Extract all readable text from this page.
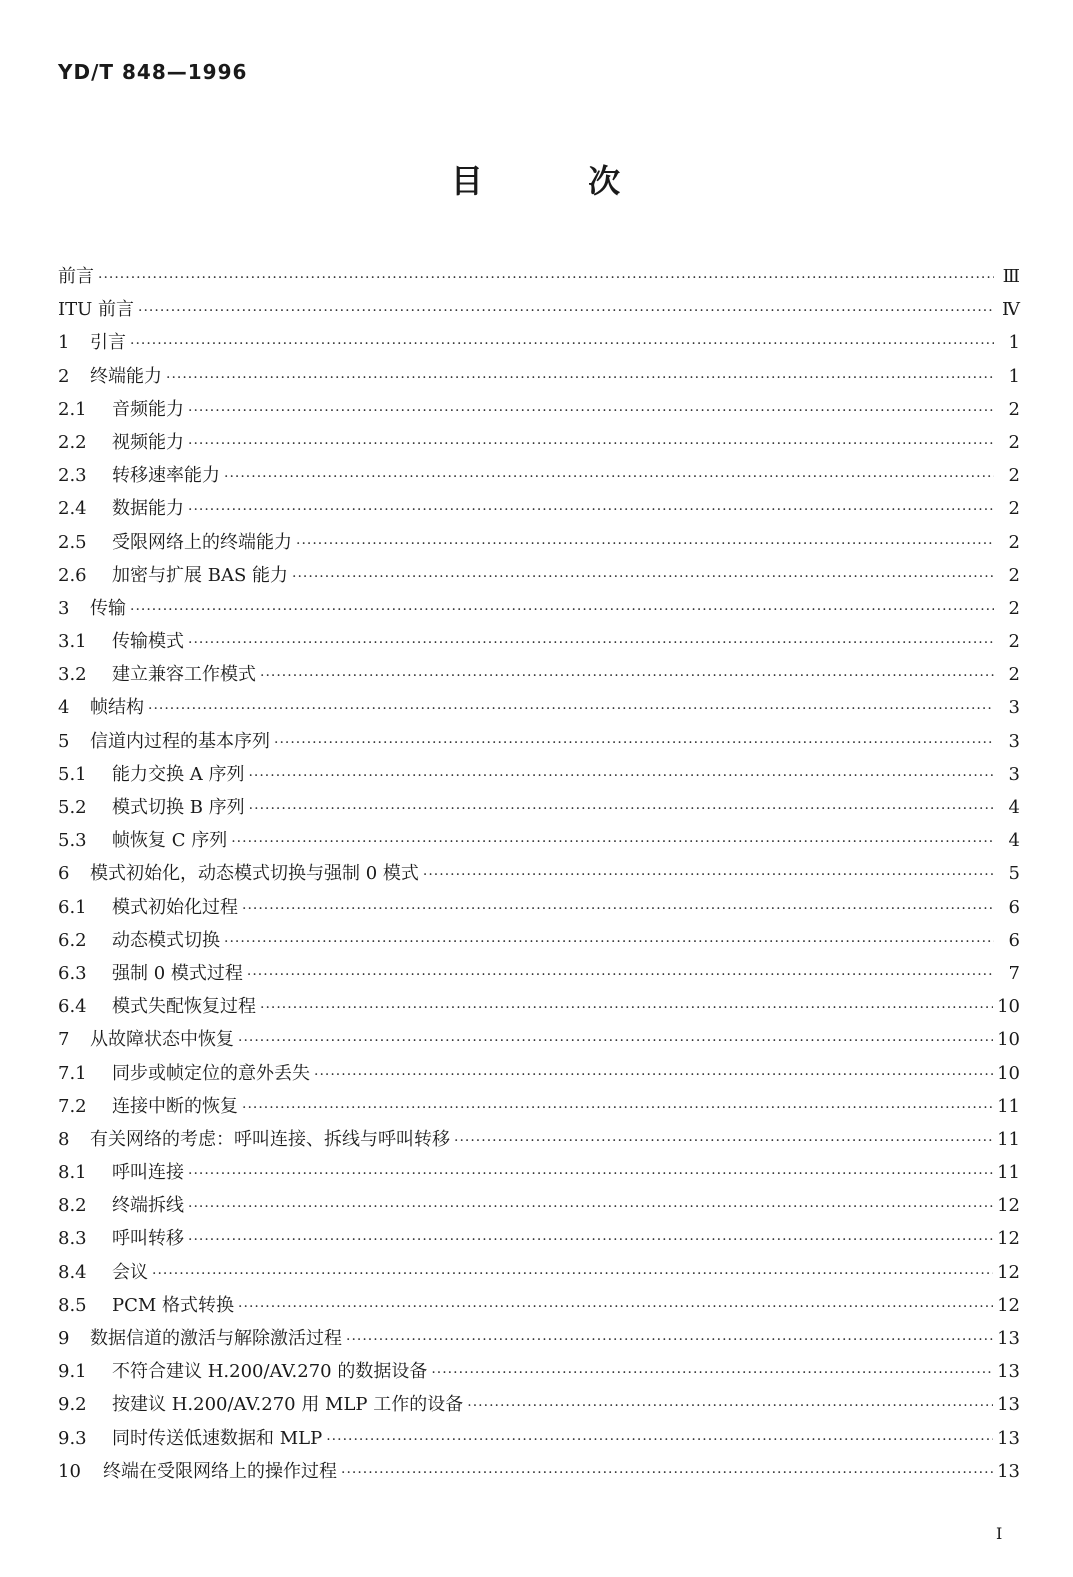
YD/T 848—1996
目 次
前言 ·····	Ⅲ
ITU 前言 ·····	Ⅳ
1	引言 ·····	1
2	终端能力 ·····	1
2.1	音频能力 ·····	2
2.2	视频能力 ·····	2
2.3	转移速率能力 ·····	2
2.4	数据能力 ·····	2
2.5	受限网络上的终端能力 ·····	2
2.6	加密与扩展 BAS 能力 ·····	2
3	传输 ·····	2
3.1	传输模式 ·····	2
3.2	建立兼容工作模式 ·····	2
4	帧结构 ·····	3
5	信道内过程的基本序列 ·····	3
5.1	能力交换 A 序列 ·····	3
5.2	模式切换 B 序列 ·····	4
5.3	帧恢复 C 序列 ·····	4
6	模式初始化，动态模式切换与强制 0 模式 ·····	5
6.1	模式初始化过程 ·····	6
6.2	动态模式切换 ·····	6
6.3	强制 0 模式过程 ·····	7
6.4	模式失配恢复过程 ·····	10
7	从故障状态中恢复 ·····	10
7.1	同步或帧定位的意外丢失 ·····	10
7.2	连接中断的恢复 ·····	11
8	有关网络的考虑：呼叫连接、拆线与呼叫转移 ·····	11
8.1	呼叫连接 ·····	11
8.2	终端拆线 ·····	12
8.3	呼叫转移 ·····	12
8.4	会议 ·····	12
8.5	PCM 格式转换 ·····	12
9	数据信道的激活与解除激活过程 ·····	13
9.1	不符合建议 H.200/AV.270 的数据设备 ·····	13
9.2	按建议 H.200/AV.270 用 MLP 工作的设备 ·····	13
9.3	同时传送低速数据和 MLP ·····	13
10	终端在受限网络上的操作过程 ·····	13
I
